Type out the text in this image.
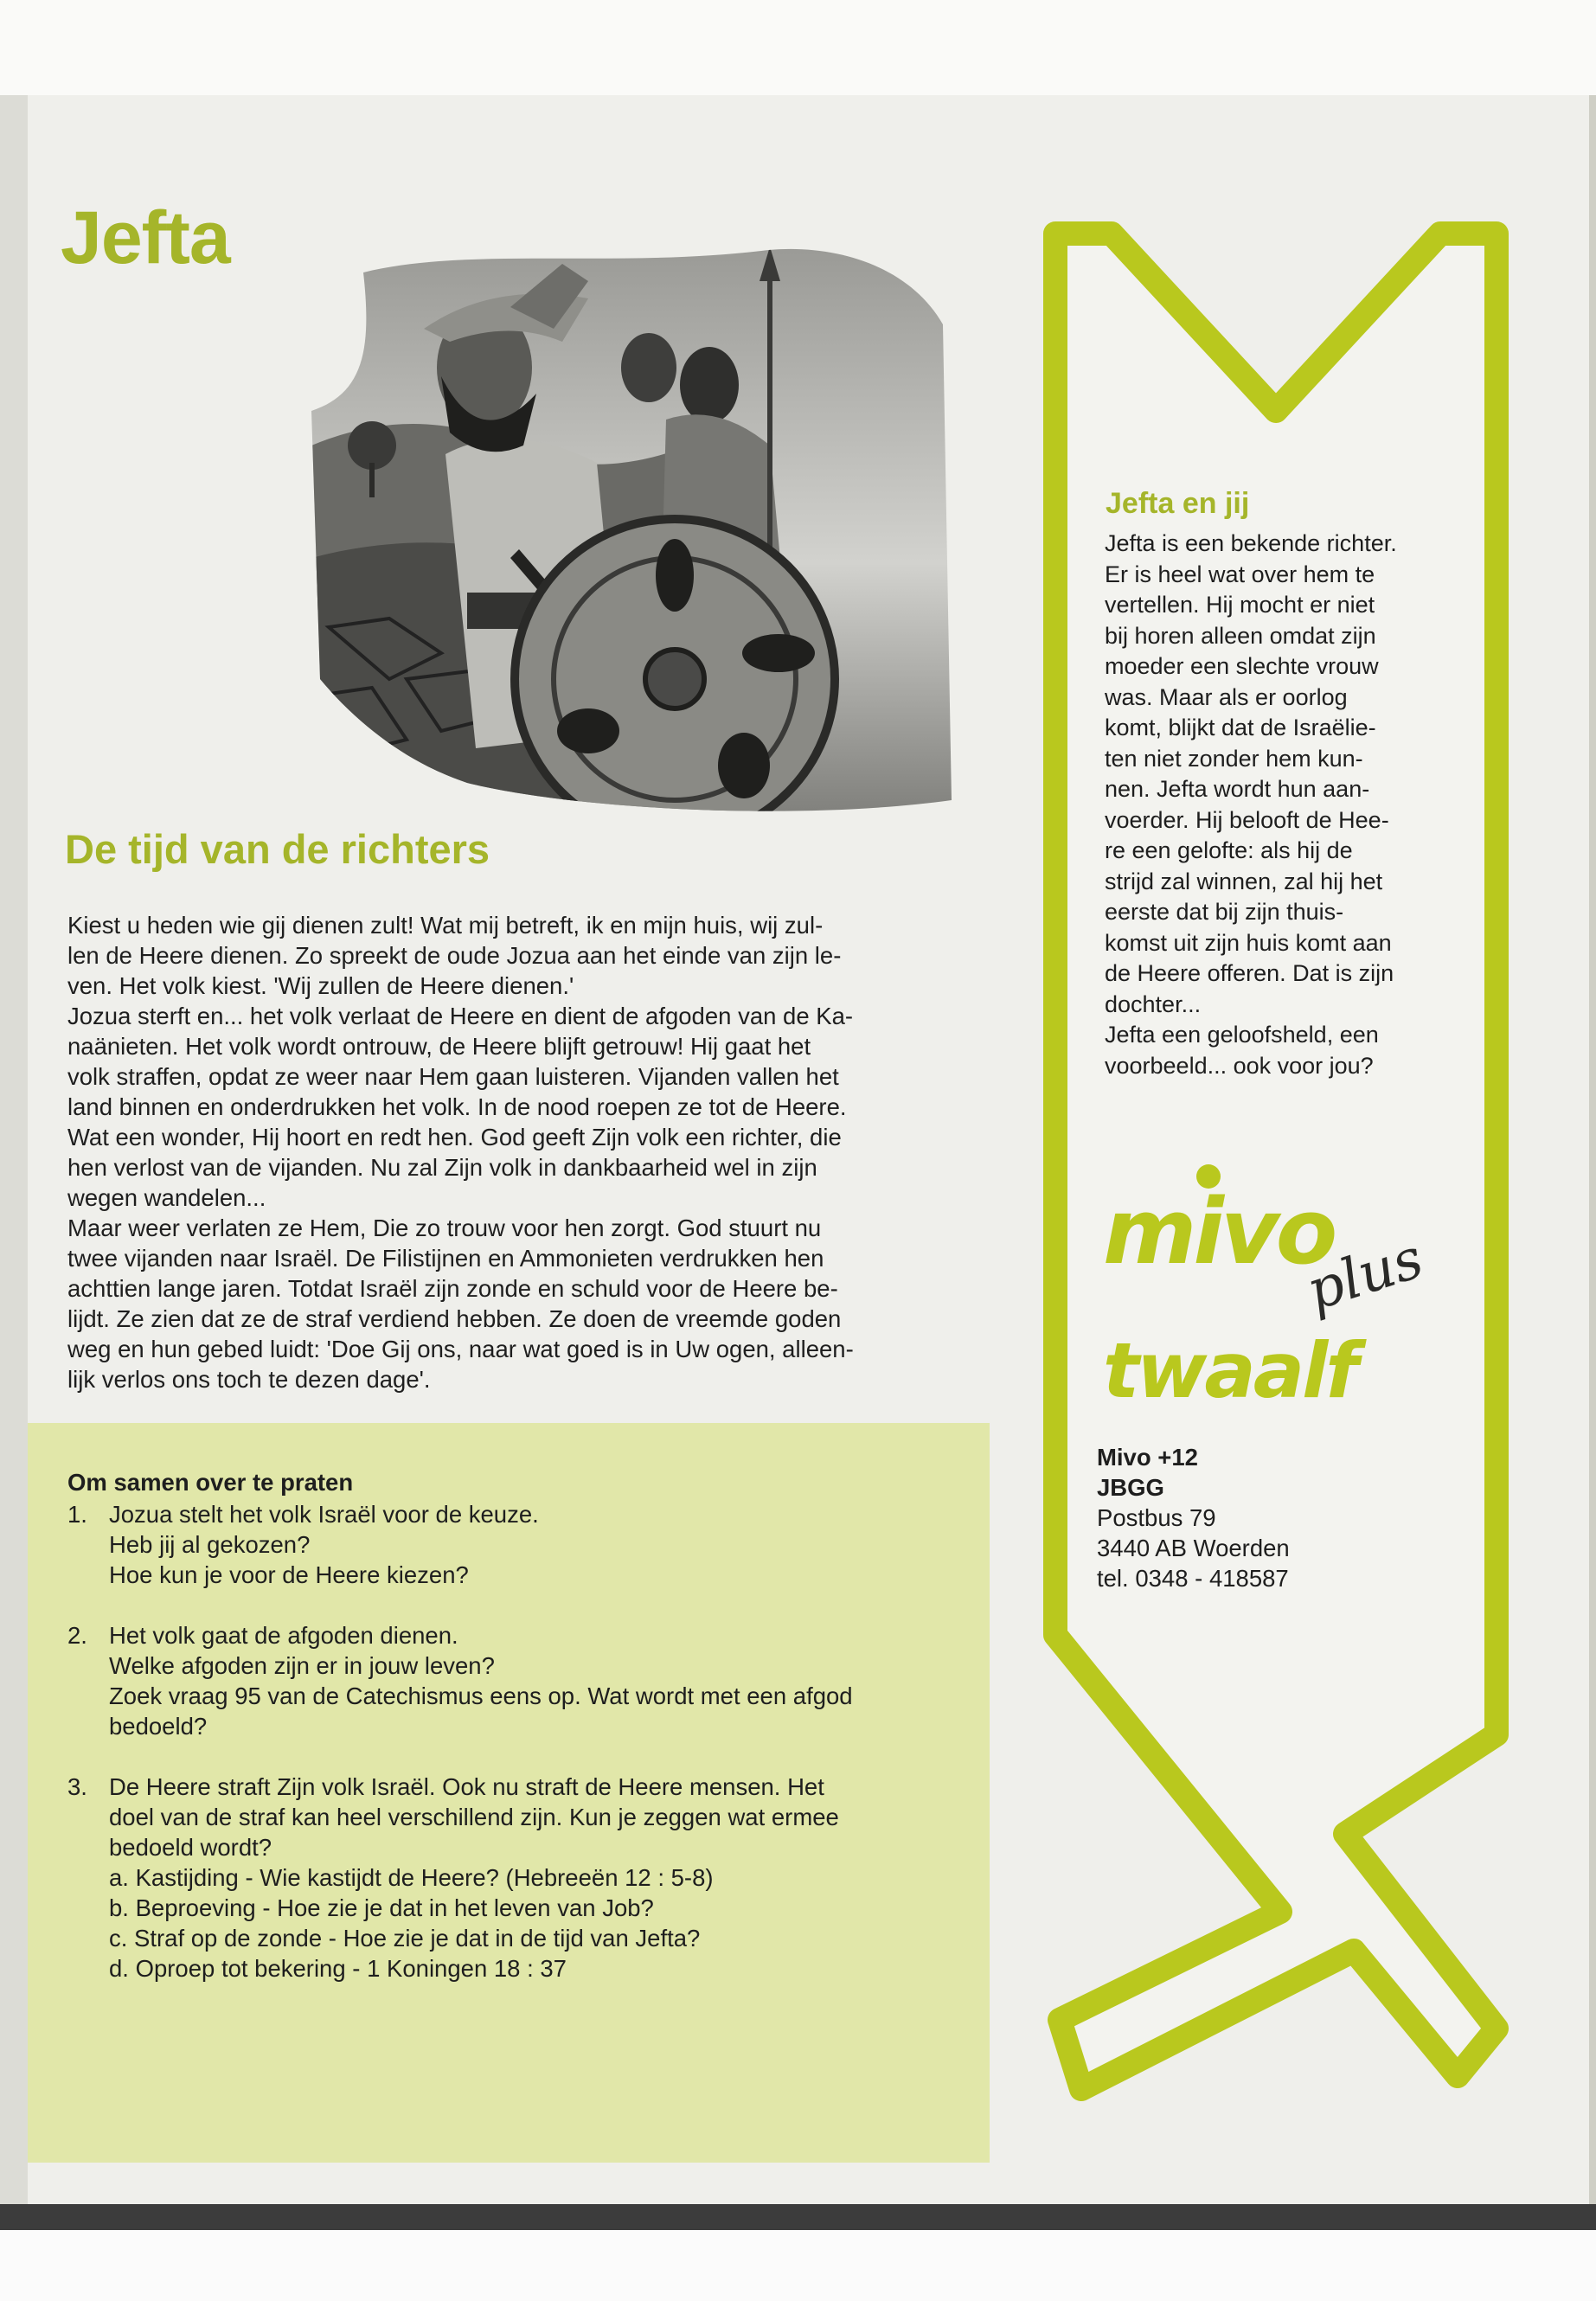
Jefta
De tijd van de richters

Kiest u heden wie gij dienen zult! Wat mij betreft, ik en mijn huis, wij zul-

len de Heere dienen. Zo spreekt de oude Jozua aan het einde van zijn le-

ven. Het volk kiest. 'Wij zullen de Heere dienen.'

Jozua sterft en... het volk verlaat de Heere en dient de afgoden van de Ka-

naänieten. Het volk wordt ontrouw, de Heere blijft getrouw! Hij gaat het

volk straffen, opdat ze weer naar Hem gaan luisteren. Vijanden vallen het

land binnen en onderdrukken het volk. In de nood roepen ze tot de Heere.

Wat een wonder, Hij hoort en redt hen. God geeft Zijn volk een richter, die

hen verlost van de vijanden. Nu zal Zijn volk in dankbaarheid wel in zijn

wegen wandelen...

Maar weer verlaten ze Hem, Die zo trouw voor hen zorgt. God stuurt nu

twee vijanden naar Israël. De Filistijnen en Ammonieten verdrukken hen

achttien lange jaren. Totdat Israël zijn zonde en schuld voor de Heere be-

lijdt. Ze zien dat ze de straf verdiend hebben. Ze doen de vreemde goden

weg en hun gebed luidt: 'Doe Gij ons, naar wat goed is in Uw ogen, alleen-

lijk verlos ons toch te dezen dage'.

Om samen over te praten
1. Jozua stelt het volk Israël voor de keuze.
Heb jij al gekozen?
Hoe kun je voor de Heere kiezen?
2. Het volk gaat de afgoden dienen.
Welke afgoden zijn er in jouw leven?
Zoek vraag 95 van de Catechismus eens op. Wat wordt met een afgod
bedoeld?
3. De Heere straft Zijn volk Israël. Ook nu straft de Heere mensen. Het
doel van de straf kan heel verschillend zijn. Kun je zeggen wat ermee
bedoeld wordt?
a. Kastijding - Wie kastijdt de Heere? (Hebreeën 12 : 5-8)
b. Beproeving - Hoe zie je dat in het leven van Job?
c. Straf op de zonde - Hoe zie je dat in de tijd van Jefta?
d. Oproep tot bekering - 1 Koningen 18 : 37
Jefta en jij
Jefta is een bekende richter.
Er is heel wat over hem te
vertellen. Hij mocht er niet
bij horen alleen omdat zijn
moeder een slechte vrouw
was. Maar als er oorlog
komt, blijkt dat de Israëlie-
ten niet zonder hem kun-
nen. Jefta wordt hun aan-
voerder. Hij belooft de Hee-
re een gelofte: als hij de
strijd zal winnen, zal hij het
eerste dat bij zijn thuis-
komst uit zijn huis komt aan
de Heere offeren. Dat is zijn
dochter...
Jefta een geloofsheld, een
voorbeeld... ook voor jou?
mivo
plus
twaalf
Mivo +12
JBGG
Postbus 79
3440 AB Woerden
tel. 0348 - 418587
